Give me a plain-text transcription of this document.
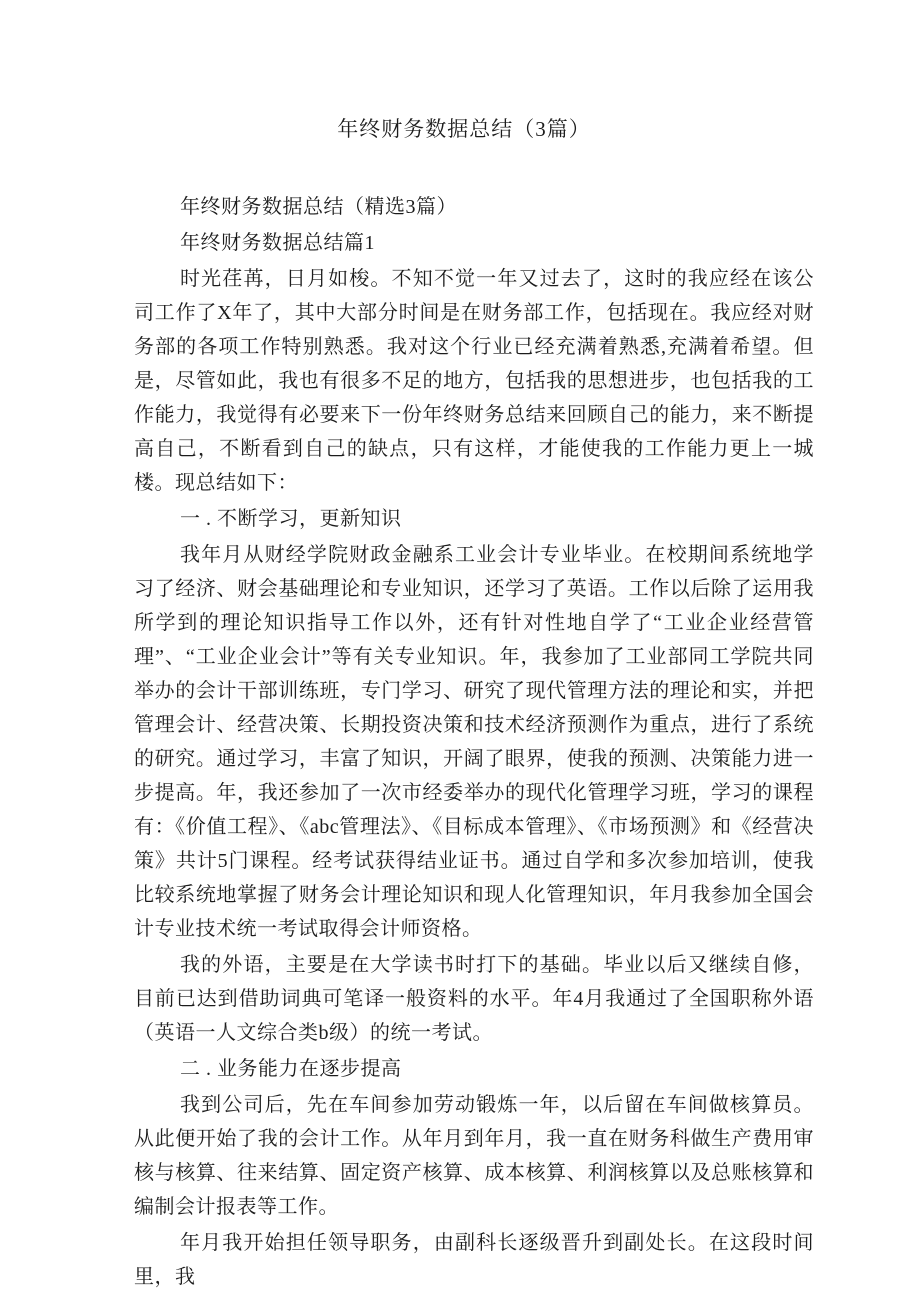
年终财务数据总结（3篇）

年终财务数据总结（精选3篇）

年终财务数据总结篇1

时光荏苒，日月如梭。不知不觉一年又过去了，这时的我应经在该公司工作了X年了，其中大部分时间是在财务部工作，包括现在。我应经对财务部的各项工作特别熟悉。我对这个行业已经充满着熟悉,充满着希望。但是，尽管如此，我也有很多不足的地方，包括我的思想进步，也包括我的工作能力，我觉得有必要来下一份年终财务总结来回顾自己的能力，来不断提高自己，不断看到自己的缺点，只有这样，才能使我的工作能力更上一城楼。现总结如下：

一 . 不断学习，更新知识

我年月从财经学院财政金融系工业会计专业毕业。在校期间系统地学习了经济、财会基础理论和专业知识，还学习了英语。工作以后除了运用我所学到的理论知识指导工作以外，还有针对性地自学了“工业企业经营管理”、“工业企业会计”等有关专业知识。年，我参加了工业部同工学院共同举办的会计干部训练班，专门学习、研究了现代管理方法的理论和实，并把管理会计、经营决策、长期投资决策和技术经济预测作为重点，进行了系统的研究。通过学习，丰富了知识，开阔了眼界，使我的预测、决策能力进一步提高。年，我还参加了一次市经委举办的现代化管理学习班，学习的课程有：《价值工程》、《abc管理法》、《目标成本管理》、《市场预测》和《经营决策》共计5门课程。经考试获得结业证书。通过自学和多次参加培训，使我比较系统地掌握了财务会计理论知识和现人化管理知识，年月我参加全国会计专业技术统一考试取得会计师资格。

我的外语，主要是在大学读书时打下的基础。毕业以后又继续自修，目前已达到借助词典可笔译一般资料的水平。年4月我通过了全国职称外语（英语一人文综合类b级）的统一考试。

二 . 业务能力在逐步提高

我到公司后，先在车间参加劳动锻炼一年，以后留在车间做核算员。从此便开始了我的会计工作。从年月到年月，我一直在财务科做生产费用审核与核算、往来结算、固定资产核算、成本核算、利润核算以及总账核算和编制会计报表等工作。

年月我开始担任领导职务，由副科长逐级晋升到副处长。在这段时间里，我
